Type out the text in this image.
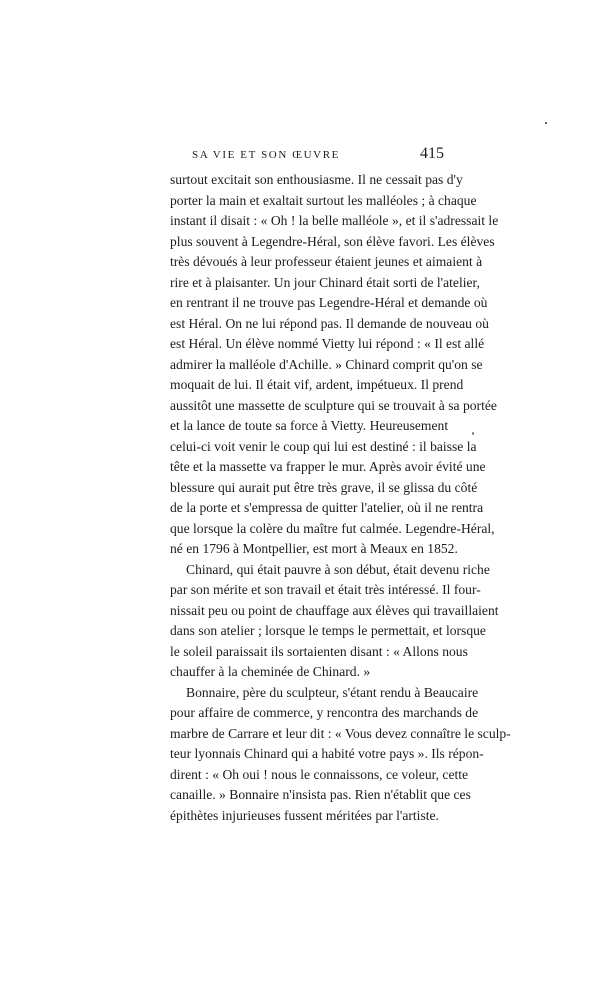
SA VIE ET SON ŒUVRE	415
surtout excitait son enthousiasme. Il ne cessait pas d'y
porter la main et exaltait surtout les malléoles ; à chaque
instant il disait : « Oh ! la belle malléole », et il s'adressait le
plus souvent à Legendre-Héral, son élève favori. Les élèves
très dévoués à leur professeur étaient jeunes et aimaient à
rire et à plaisanter. Un jour Chinard était sorti de l'atelier,
en rentrant il ne trouve pas Legendre-Héral et demande où
est Héral. On ne lui répond pas. Il demande de nouveau où
est Héral. Un élève nommé Vietty lui répond : « Il est allé
admirer la malléole d'Achille. » Chinard comprit qu'on se
moquait de lui. Il était vif, ardent, impétueux. Il prend
aussitôt une massette de sculpture qui se trouvait à sa portée
et la lance de toute sa force à Vietty. Heureusement
celui-ci voit venir le coup qui lui est destiné : il baisse la
tête et la massette va frapper le mur. Après avoir évité une
blessure qui aurait put être très grave, il se glissa du côté
de la porte et s'empressa de quitter l'atelier, où il ne rentra
que lorsque la colère du maître fut calmée. Legendre-Héral,
né en 1796 à Montpellier, est mort à Meaux en 1852.
Chinard, qui était pauvre à son début, était devenu riche
par son mérite et son travail et était très intéressé. Il four-
nissait peu ou point de chauffage aux élèves qui travaillaient
dans son atelier ; lorsque le temps le permettait, et lorsque
le soleil paraissait ils sortaienten disant : « Allons nous
chauffer à la cheminée de Chinard. »
Bonnaire, père du sculpteur, s'étant rendu à Beaucaire
pour affaire de commerce, y rencontra des marchands de
marbre de Carrare et leur dit : « Vous devez connaître le sculp-
teur lyonnais Chinard qui a habité votre pays ». Ils répon-
dirent : « Oh oui ! nous le connaissons, ce voleur, cette
canaille. » Bonnaire n'insista pas. Rien n'établit que ces
épithètes injurieuses fussent méritées par l'artiste.
